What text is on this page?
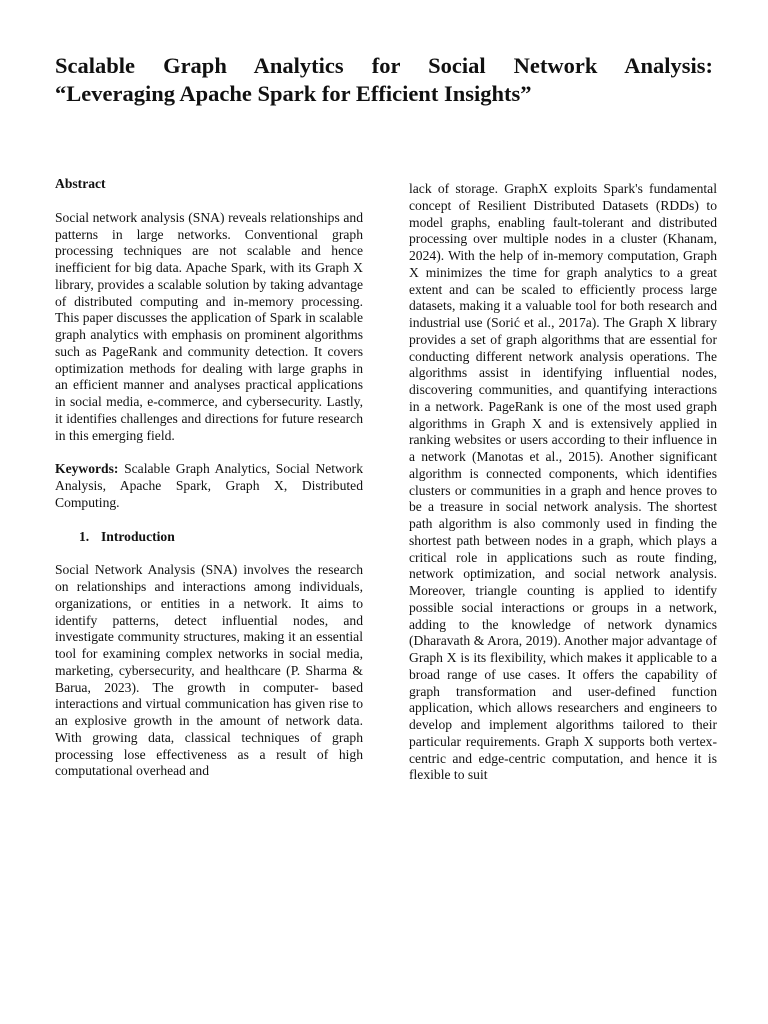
Scalable Graph Analytics for Social Network Analysis:
“Leveraging Apache Spark for Efficient Insights”

Abstract

Social network analysis (SNA) reveals relationships and patterns in large networks. Conventional graph processing techniques are not scalable and hence inefficient for big data. Apache Spark, with its Graph X library, provides a scalable solution by taking advantage of distributed computing and in-memory processing. This paper discusses the application of Spark in scalable graph analytics with emphasis on prominent algorithms such as PageRank and community detection. It covers optimization methods for dealing with large graphs in an efficient manner and analyses practical applications in social media, e-commerce, and cybersecurity. Lastly, it identifies challenges and directions for future research in this emerging field.

Keywords: Scalable Graph Analytics, Social Network Analysis, Apache Spark, Graph X, Distributed Computing.

1. Introduction

Social Network Analysis (SNA) involves the research on relationships and interactions among individuals, organizations, or entities in a network. It aims to identify patterns, detect influential nodes, and investigate community structures, making it an essential tool for examining complex networks in social media, marketing, cybersecurity, and healthcare (P. Sharma & Barua, 2023). The growth in computer- based interactions and virtual communication has given rise to an explosive growth in the amount of network data. With growing data, classical techniques of graph processing lose effectiveness as a result of high computational overhead and

lack of storage. GraphX exploits Spark's fundamental concept of Resilient Distributed Datasets (RDDs) to model graphs, enabling fault-tolerant and distributed processing over multiple nodes in a cluster (Khanam, 2024). With the help of in-memory computation, Graph X minimizes the time for graph analytics to a great extent and can be scaled to efficiently process large datasets, making it a valuable tool for both research and industrial use (Sorić et al., 2017a). The Graph X library provides a set of graph algorithms that are essential for conducting different network analysis operations. The algorithms assist in identifying influential nodes, discovering communities, and quantifying interactions in a network. PageRank is one of the most used graph algorithms in Graph X and is extensively applied in ranking websites or users according to their influence in a network (Manotas et al., 2015). Another significant algorithm is connected components, which identifies clusters or communities in a graph and hence proves to be a treasure in social network analysis. The shortest path algorithm is also commonly used in finding the shortest path between nodes in a graph, which plays a critical role in applications such as route finding, network optimization, and social network analysis. Moreover, triangle counting is applied to identify possible social interactions or groups in a network, adding to the knowledge of network dynamics (Dharavath & Arora, 2019). Another major advantage of Graph X is its flexibility, which makes it applicable to a broad range of use cases. It offers the capability of graph transformation and user-defined function application, which allows researchers and engineers to develop and implement algorithms tailored to their particular requirements. Graph X supports both vertex-centric and edge-centric computation, and hence it is flexible to suit
